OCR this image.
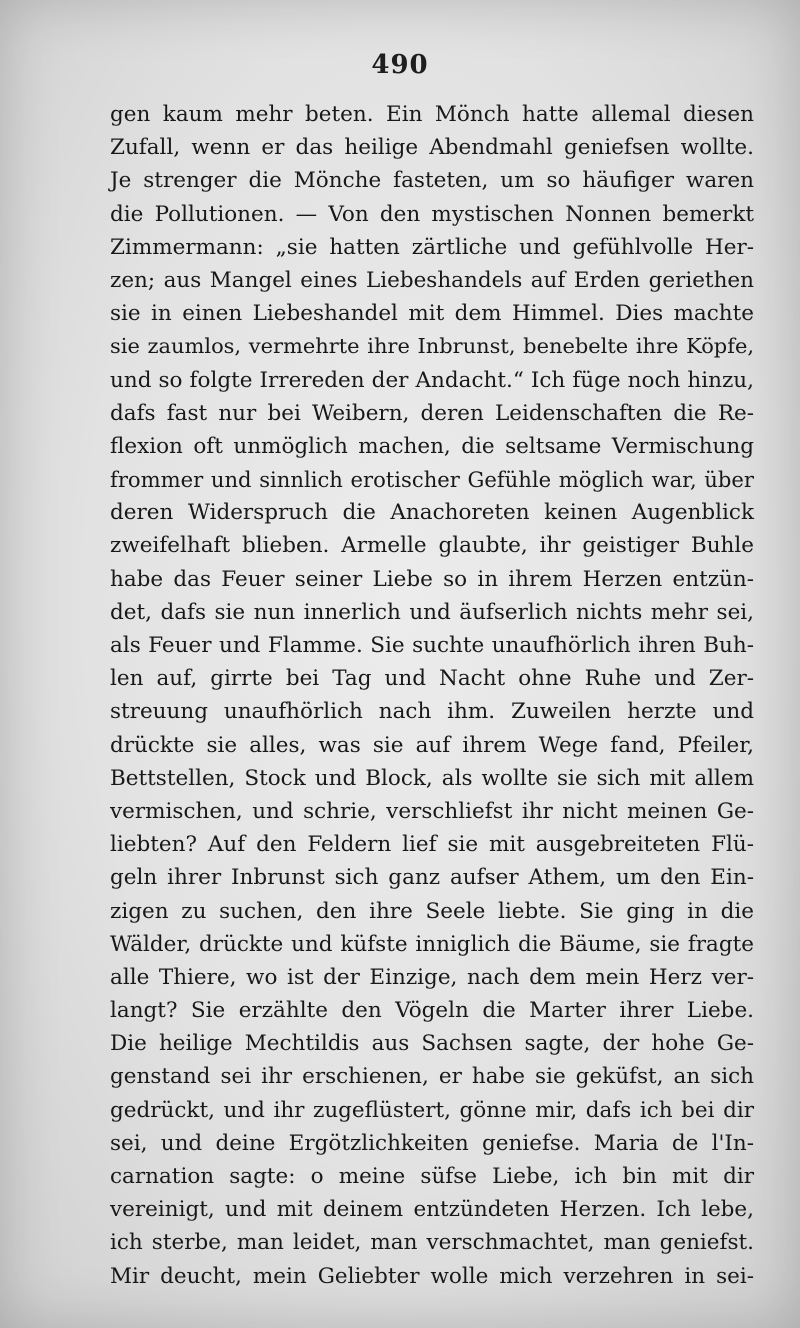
490
gen kaum mehr beten. Ein Mönch hatte allemal diesen
Zufall, wenn er das heilige Abendmahl geniefsen wollte.
Je strenger die Mönche fasteten, um so häufiger waren
die Pollutionen. — Von den mystischen Nonnen bemerkt
Zimmermann: „sie hatten zärtliche und gefühlvolle Her-
zen; aus Mangel eines Liebeshandels auf Erden geriethen
sie in einen Liebeshandel mit dem Himmel. Dies machte
sie zaumlos, vermehrte ihre Inbrunst, benebelte ihre Köpfe,
und so folgte Irrereden der Andacht.“ Ich füge noch hinzu,
dafs fast nur bei Weibern, deren Leidenschaften die Re-
flexion oft unmöglich machen, die seltsame Vermischung
frommer und sinnlich erotischer Gefühle möglich war, über
deren Widerspruch die Anachoreten keinen Augenblick
zweifelhaft blieben. Armelle glaubte, ihr geistiger Buhle
habe das Feuer seiner Liebe so in ihrem Herzen entzün-
det, dafs sie nun innerlich und äufserlich nichts mehr sei,
als Feuer und Flamme. Sie suchte unaufhörlich ihren Buh-
len auf, girrte bei Tag und Nacht ohne Ruhe und Zer-
streuung unaufhörlich nach ihm. Zuweilen herzte und
drückte sie alles, was sie auf ihrem Wege fand, Pfeiler,
Bettstellen, Stock und Block, als wollte sie sich mit allem
vermischen, und schrie, verschliefst ihr nicht meinen Ge-
liebten? Auf den Feldern lief sie mit ausgebreiteten Flü-
geln ihrer Inbrunst sich ganz aufser Athem, um den Ein-
zigen zu suchen, den ihre Seele liebte. Sie ging in die
Wälder, drückte und küfste inniglich die Bäume, sie fragte
alle Thiere, wo ist der Einzige, nach dem mein Herz ver-
langt? Sie erzählte den Vögeln die Marter ihrer Liebe.
Die heilige Mechtildis aus Sachsen sagte, der hohe Ge-
genstand sei ihr erschienen, er habe sie geküfst, an sich
gedrückt, und ihr zugeflüstert, gönne mir, dafs ich bei dir
sei, und deine Ergötzlichkeiten geniefse. Maria de l'In-
carnation sagte: o meine süfse Liebe, ich bin mit dir
vereinigt, und mit deinem entzündeten Herzen. Ich lebe,
ich sterbe, man leidet, man verschmachtet, man geniefst.
Mir deucht, mein Geliebter wolle mich verzehren in sei-
